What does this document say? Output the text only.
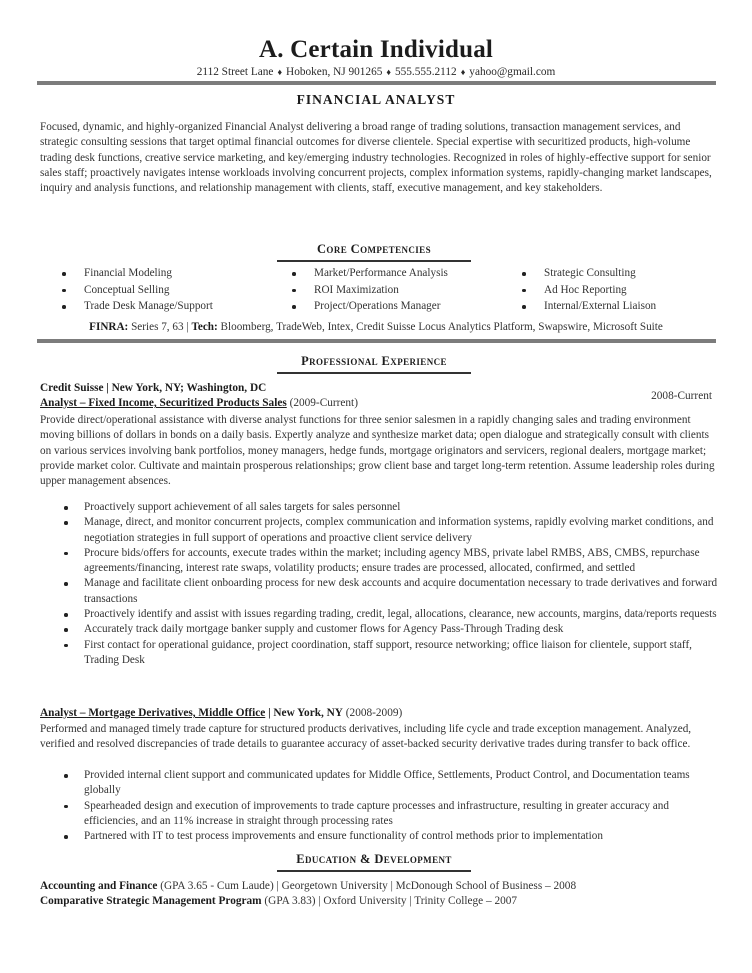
A. Certain Individual
2112 Street Lane ♦ Hoboken, NJ 901265 ♦ 555.555.2112 ♦ yahoo@gmail.com
FINANCIAL ANALYST
Focused, dynamic, and highly-organized Financial Analyst delivering a broad range of trading solutions, transaction management services, and strategic consulting sessions that target optimal financial outcomes for diverse clientele. Special expertise with securitized products, high-volume trading desk functions, creative service marketing, and key/emerging industry technologies. Recognized in roles of highly-effective support for senior sales staff; proactively navigates intense workloads involving concurrent projects, complex information systems, rapidly-changing market landscapes, inquiry and analysis functions, and relationship management with clients, staff, executive management, and key stakeholders.
Core Competencies
Financial Modeling	Market/Performance Analysis	Strategic Consulting
Conceptual Selling	ROI Maximization	Ad Hoc Reporting
Trade Desk Manage/Support	Project/Operations Manager	Internal/External Liaison
FINRA: Series 7, 63 | Tech: Bloomberg, TradeWeb, Intex, Credit Suisse Locus Analytics Platform, Swapswire, Microsoft Suite
Professional Experience
Credit Suisse | New York, NY; Washington, DC
2008-Current
Analyst – Fixed Income, Securitized Products Sales (2009-Current)
Provide direct/operational assistance with diverse analyst functions for three senior salesmen in a rapidly changing sales and trading environment moving billions of dollars in bonds on a daily basis. Expertly analyze and synthesize market data; open dialogue and strategically consult with clients on various services involving bank portfolios, money managers, hedge funds, mortgage originators and servicers, regional dealers, mortgage market; provide market color. Cultivate and maintain prosperous relationships; grow client base and target long-term retention. Assume leadership roles during upper management absences.
Proactively support achievement of all sales targets for sales personnel
Manage, direct, and monitor concurrent projects, complex communication and information systems, rapidly evolving market conditions, and negotiation strategies in full support of operations and proactive client service delivery
Procure bids/offers for accounts, execute trades within the market; including agency MBS, private label RMBS, ABS, CMBS, repurchase agreements/financing, interest rate swaps, volatility products; ensure trades are processed, allocated, confirmed, and settled
Manage and facilitate client onboarding process for new desk accounts and acquire documentation necessary to trade derivatives and forward transactions
Proactively identify and assist with issues regarding trading, credit, legal, allocations, clearance, new accounts, margins, data/reports requests
Accurately track daily mortgage banker supply and customer flows for Agency Pass-Through Trading desk
First contact for operational guidance, project coordination, staff support, resource networking; office liaison for clientele, support staff, Trading Desk
Analyst – Mortgage Derivatives, Middle Office | New York, NY (2008-2009)
Performed and managed timely trade capture for structured products derivatives, including life cycle and trade exception management. Analyzed, verified and resolved discrepancies of trade details to guarantee accuracy of asset-backed security derivative trades during transfer to back office.
Provided internal client support and communicated updates for Middle Office, Settlements, Product Control, and Documentation teams globally
Spearheaded design and execution of improvements to trade capture processes and infrastructure, resulting in greater accuracy and efficiencies, and an 11% increase in straight through processing rates
Partnered with IT to test process improvements and ensure functionality of control methods prior to implementation
Education & Development
Accounting and Finance (GPA 3.65 - Cum Laude) | Georgetown University | McDonough School of Business – 2008
Comparative Strategic Management Program (GPA 3.83) | Oxford University | Trinity College – 2007
